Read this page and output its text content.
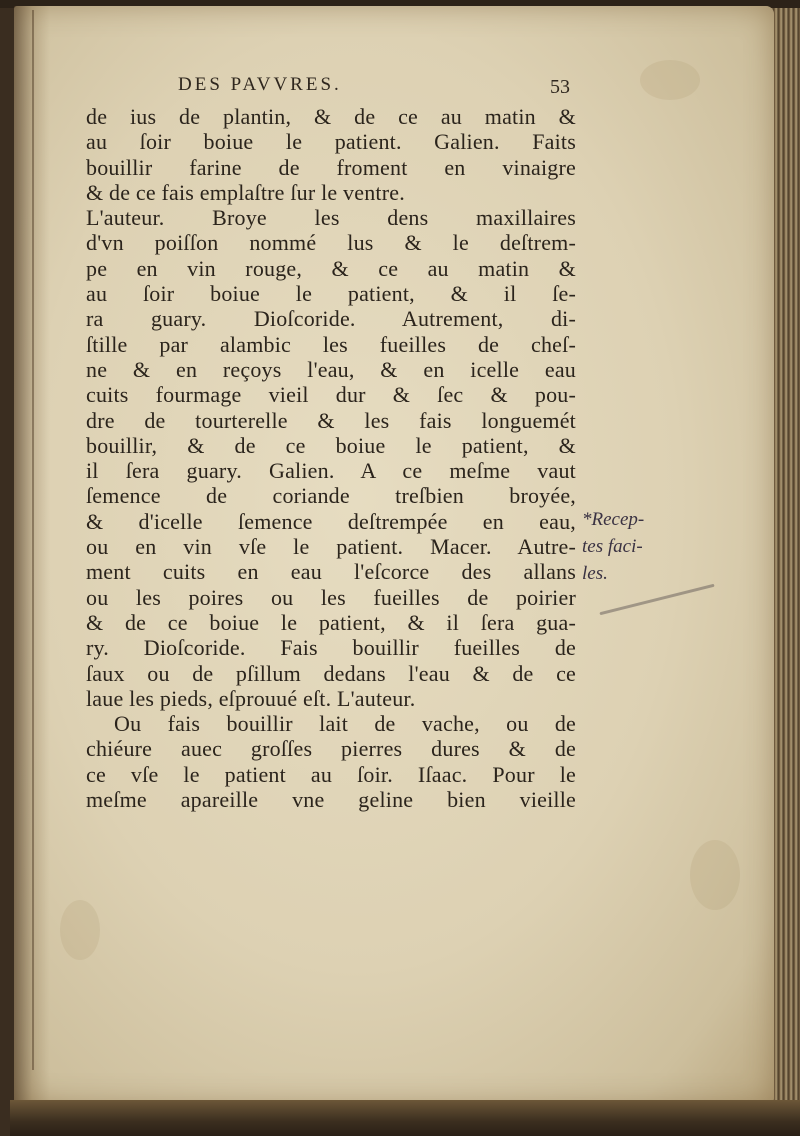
DES PAVVRES.	53
de ius de plantin, & de ce au matin &
au ſoir boiue le patient. Galien. Faits
bouillir farine de froment en vinaigre
& de ce fais emplaſtre ſur le ventre.
L'auteur. Broye les dens maxillaires
d'vn poiſſon nommé lus & le deſtrem-
pe en vin rouge, & ce au matin &
au ſoir boiue le patient, & il ſe-
ra guary. Dioſcoride. Autrement, di-
ſtille par alambic les fueilles de cheſ-
ne & en reçoys l'eau, & en icelle eau
cuits fourmage vieil dur & ſec & pou-
dre de tourterelle & les fais longuemét
bouillir, & de ce boiue le patient, &
il ſera guary. Galien. A ce meſme vaut
ſemence de coriande treſbien broyée,
& d'icelle ſemence deſtrempée en eau,
ou en vin vſe le patient. Macer. Autre-
ment cuits en eau l'eſcorce des allans
ou les poires ou les fueilles de poirier
& de ce boiue le patient, & il ſera gua-
ry. Dioſcoride. Fais bouillir fueilles de
ſaux ou de pſillum dedans l'eau & de ce
laue les pieds, eſprouué eſt. L'auteur.
Ou fais bouillir lait de vache, ou de
chiéure auec groſſes pierres dures & de
ce vſe le patient au ſoir. Iſaac. Pour le
meſme apareille vne geline bien vieille
*Recep-
tes faci-
les.
